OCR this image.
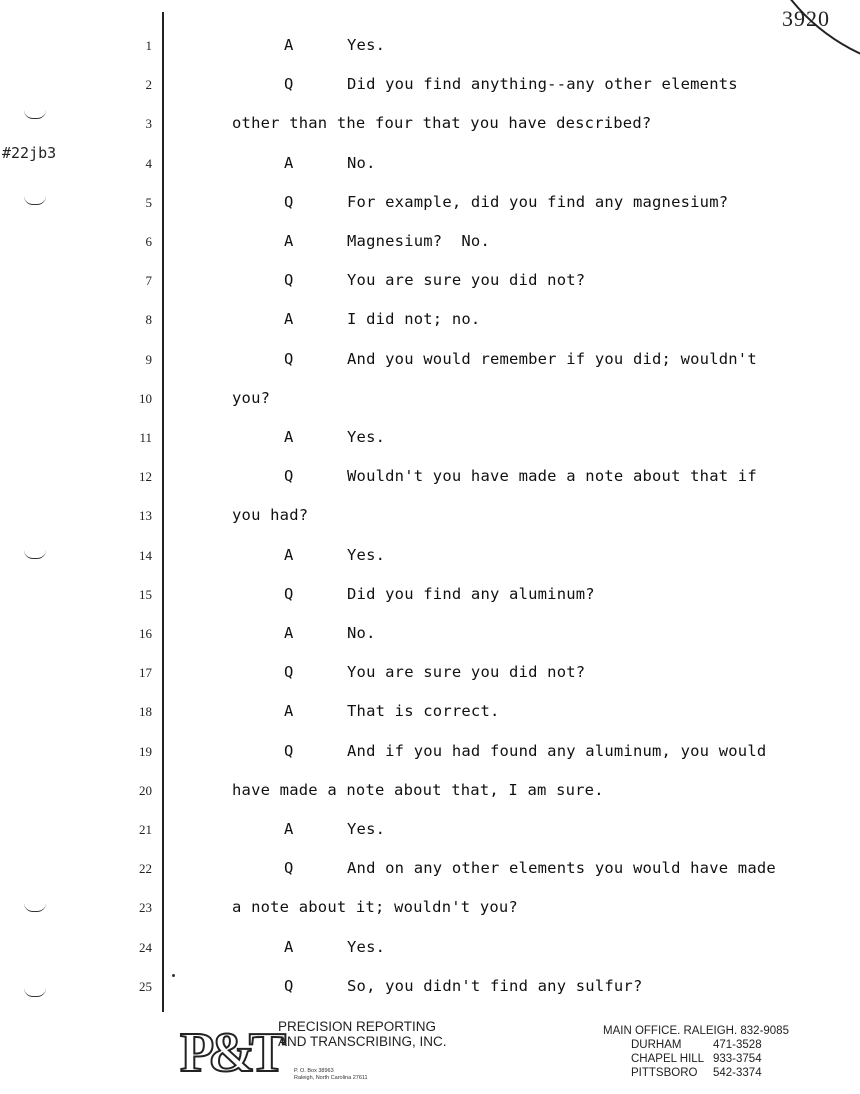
3920
#22jb3
1	A	Yes.
2	Q	Did you find anything--any other elements
3	other than the four that you have described?
4	A	No.
5	Q	For example, did you find any magnesium?
6	A	Magnesium?  No.
7	Q	You are sure you did not?
8	A	I did not; no.
9	Q	And you would remember if you did; wouldn't
10	you?
11	A	Yes.
12	Q	Wouldn't you have made a note about that if
13	you had?
14	A	Yes.
15	Q	Did you find any aluminum?
16	A	No.
17	Q	You are sure you did not?
18	A	That is correct.
19	Q	And if you had found any aluminum, you would
20	have made a note about that, I am sure.
21	A	Yes.
22	Q	And on any other elements you would have made
23	a note about it; wouldn't you?
24	A	Yes.
25	Q	So, you didn't find any sulfur?
P&T
PRECISION REPORTING
AND TRANSCRIBING, INC.
P. O. Box 38963
Raleigh, North Carolina 27611
MAIN OFFICE. RALEIGH. 832-9085
DURHAM	471-3528
CHAPEL HILL 933-3754
PITTSBORO 542-3374
